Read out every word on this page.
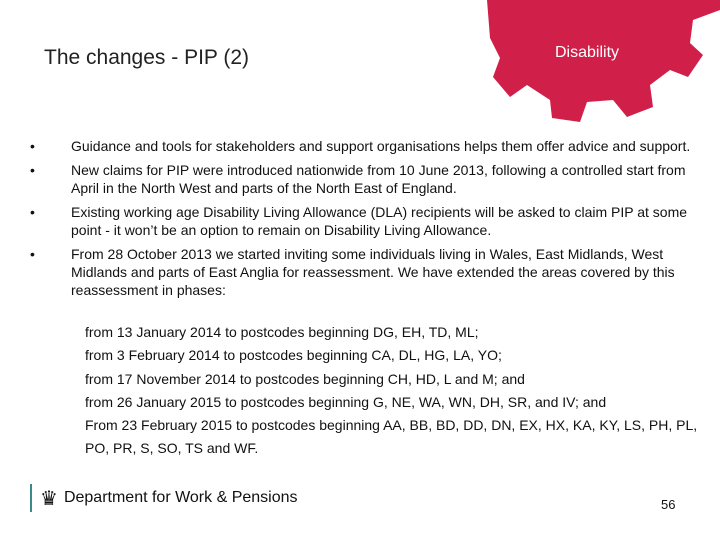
Disability
The changes - PIP (2)
•	Guidance and tools for stakeholders and support organisations helps them offer advice and support.
•	New claims for PIP were introduced nationwide from 10 June 2013, following a controlled start from April in the North West and parts of the North East of England.
•	Existing working age Disability Living Allowance (DLA) recipients will be asked to claim PIP at some point - it won’t be an option to remain on Disability Living Allowance.
•	From 28 October 2013 we started inviting some individuals living in Wales, East Midlands, West Midlands and parts of East Anglia for reassessment. We have extended the areas covered by this reassessment in phases:
from 13 January 2014 to postcodes beginning DG, EH, TD, ML;
from 3 February 2014 to postcodes beginning CA, DL, HG, LA, YO;
from 17 November 2014 to postcodes beginning CH, HD, L and M; and
from 26 January 2015 to postcodes beginning G, NE, WA, WN, DH, SR, and IV; and
From 23 February 2015 to postcodes beginning AA, BB, BD, DD, DN, EX, HX, KA, KY, LS, PH, PL, PO, PR, S, SO, TS and WF.
♛ Department for Work & Pensions	56
